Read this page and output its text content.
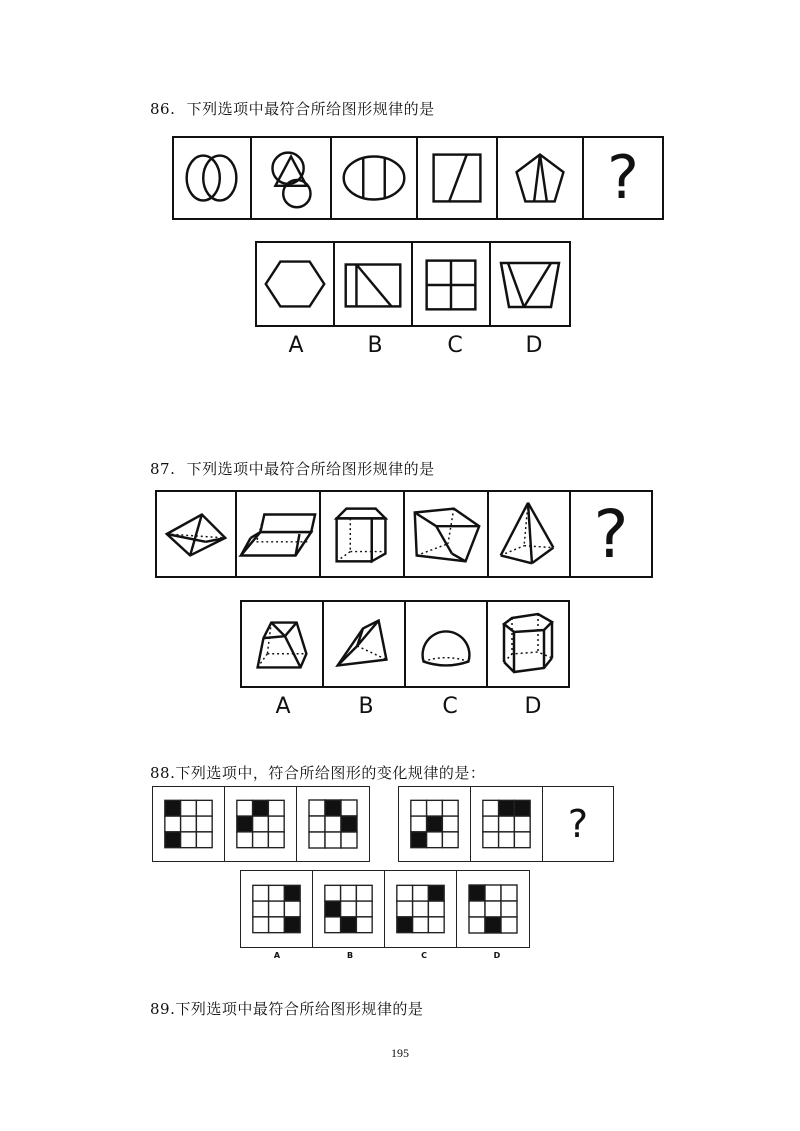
86. 下列选项中最符合所给图形规律的是
?
A	B	C	D
87. 下列选项中最符合所给图形规律的是
?
A	B	C	D
88.下列选项中，符合所给图形的变化规律的是：
?
A	B	C	D
89.下列选项中最符合所给图形规律的是
195
